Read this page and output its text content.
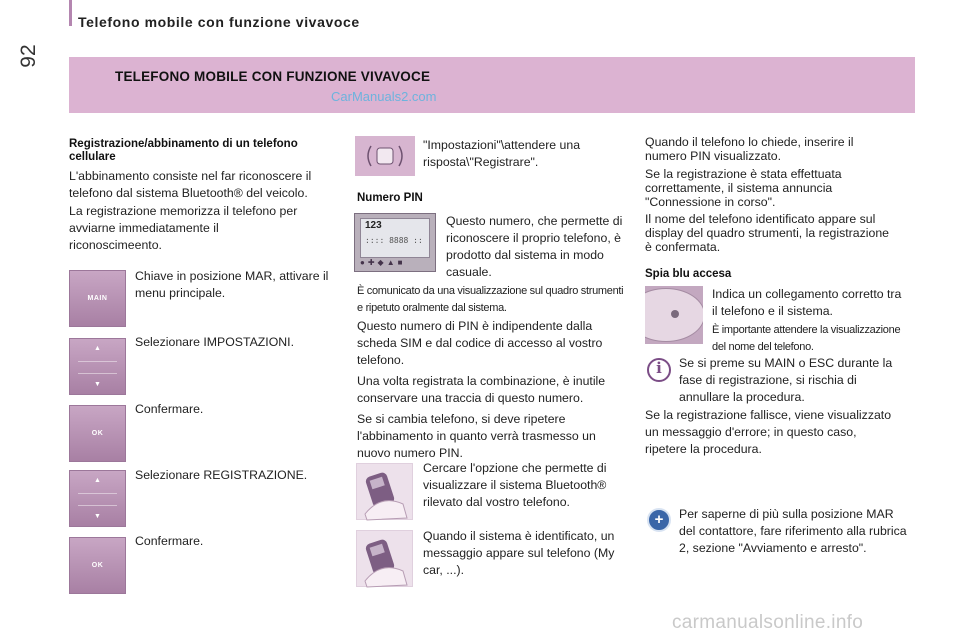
92
Telefono mobile con funzione vivavoce
TELEFONO MOBILE CON FUNZIONE VIVAVOCE
CarManuals2.com
Registrazione/abbinamento di un telefono cellulare
L'abbinamento consiste nel far riconoscere il telefono dal sistema Bluetooth® del veicolo.
La registrazione memorizza il telefono per avviarne immediatamente il riconoscimeento.
MAIN
Chiave in posizione MAR, attivare il menu principale.
▲
▼
Selezionare IMPOSTAZIONI.
OK
Confermare.
▲
▼
Selezionare REGISTRAZIONE.
OK
Confermare.
"Impostazioni"\attendere una risposta\"Registrare".
Numero PIN
123
:::: 8888 ::
●✚◆▲■
Questo numero, che permette di riconoscere il proprio telefono, è prodotto dal sistema in modo casuale.
È comunicato da una visualizzazione sul quadro strumenti e ripetuto oralmente dal sistema.

Questo numero di PIN è indipendente dalla scheda SIM e dal codice di accesso al vostro telefono.

Una volta registrata la combinazione, è inutile conservare una traccia di questo numero.

Se si cambia telefono, si deve ripetere l'abbinamento in quanto verrà trasmesso un nuovo numero PIN.

Cercare l'opzione che permette di visualizzare il sistema Bluetooth® rilevato dal vostro telefono.
Quando il sistema è identificato, un messaggio appare sul telefono (My car, ...).
Quando il telefono lo chiede, inserire il numero PIN visualizzato.
Se la registrazione è stata effettuata correttamente, il sistema annuncia "Connessione in corso".
Il nome del telefono identificato appare sul display del quadro strumenti, la registrazione è confermata.
Spia blu accesa
Indica un collegamento corretto tra il telefono e il sistema.
È importante attendere la visualizzazione del nome del telefono.
i	Se si preme su MAIN o ESC durante la fase di registrazione, si rischia di annullare la procedura.
Se la registrazione fallisce, viene visualizzato un messaggio d'errore; in questo caso, ripetere la procedura.
+	Per saperne di più sulla posizione MAR del contattore, fare riferimento alla rubrica 2, sezione "Avviamento e arresto".
carmanualsonline.info
